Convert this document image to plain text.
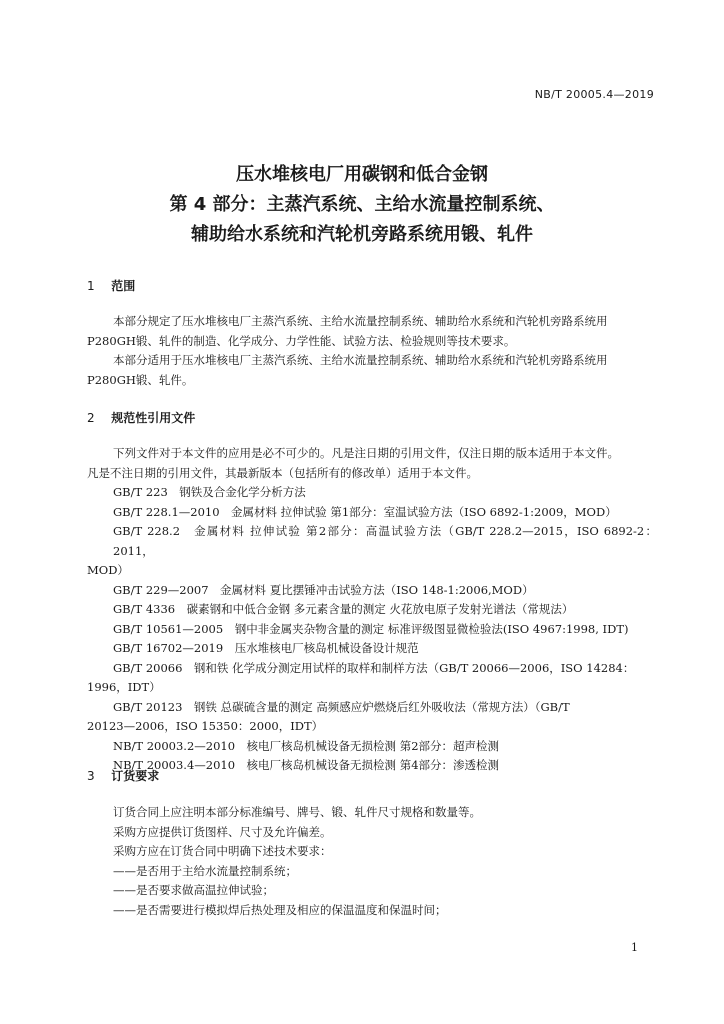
NB/T 20005.4—2019
压水堆核电厂用碳钢和低合金钢
第 4 部分：主蒸汽系统、主给水流量控制系统、
辅助给水系统和汽轮机旁路系统用锻、轧件
1 范围
本部分规定了压水堆核电厂主蒸汽系统、主给水流量控制系统、辅助给水系统和汽轮机旁路系统用
P280GH锻、轧件的制造、化学成分、力学性能、试验方法、检验规则等技术要求。
本部分适用于压水堆核电厂主蒸汽系统、主给水流量控制系统、辅助给水系统和汽轮机旁路系统用
P280GH锻、轧件。
2 规范性引用文件
下列文件对于本文件的应用是必不可少的。凡是注日期的引用文件，仅注日期的版本适用于本文件。
凡是不注日期的引用文件，其最新版本（包括所有的修改单）适用于本文件。
GB/T 223　钢铁及合金化学分析方法
GB/T 228.1—2010　金属材料 拉伸试验 第1部分：室温试验方法（ISO 6892-1:2009，MOD）
GB/T 228.2　金属材料 拉伸试验 第2部分：高温试验方法（GB/T 228.2—2015，ISO 6892-2：2011，
MOD）
GB/T 229—2007　金属材料 夏比摆锤冲击试验方法（ISO 148-1:2006,MOD）
GB/T 4336　碳素钢和中低合金钢 多元素含量的测定 火花放电原子发射光谱法（常规法）
GB/T 10561—2005　钢中非金属夹杂物含量的测定 标准评级图显微检验法(ISO 4967:1998, IDT)
GB/T 16702—2019　压水堆核电厂核岛机械设备设计规范
GB/T 20066　钢和铁 化学成分测定用试样的取样和制样方法（GB/T 20066—2006，ISO 14284：
1996，IDT）
GB/T 20123　钢铁 总碳硫含量的测定 高频感应炉燃烧后红外吸收法（常规方法）（GB/T
20123—2006，ISO 15350：2000，IDT）
NB/T 20003.2—2010　核电厂核岛机械设备无损检测 第2部分：超声检测
NB/T 20003.4—2010　核电厂核岛机械设备无损检测 第4部分：渗透检测
3 订货要求
订货合同上应注明本部分标准编号、牌号、锻、轧件尺寸规格和数量等。
采购方应提供订货图样、尺寸及允许偏差。
采购方应在订货合同中明确下述技术要求：
——是否用于主给水流量控制系统；
——是否要求做高温拉伸试验；
——是否需要进行模拟焊后热处理及相应的保温温度和保温时间；
1
